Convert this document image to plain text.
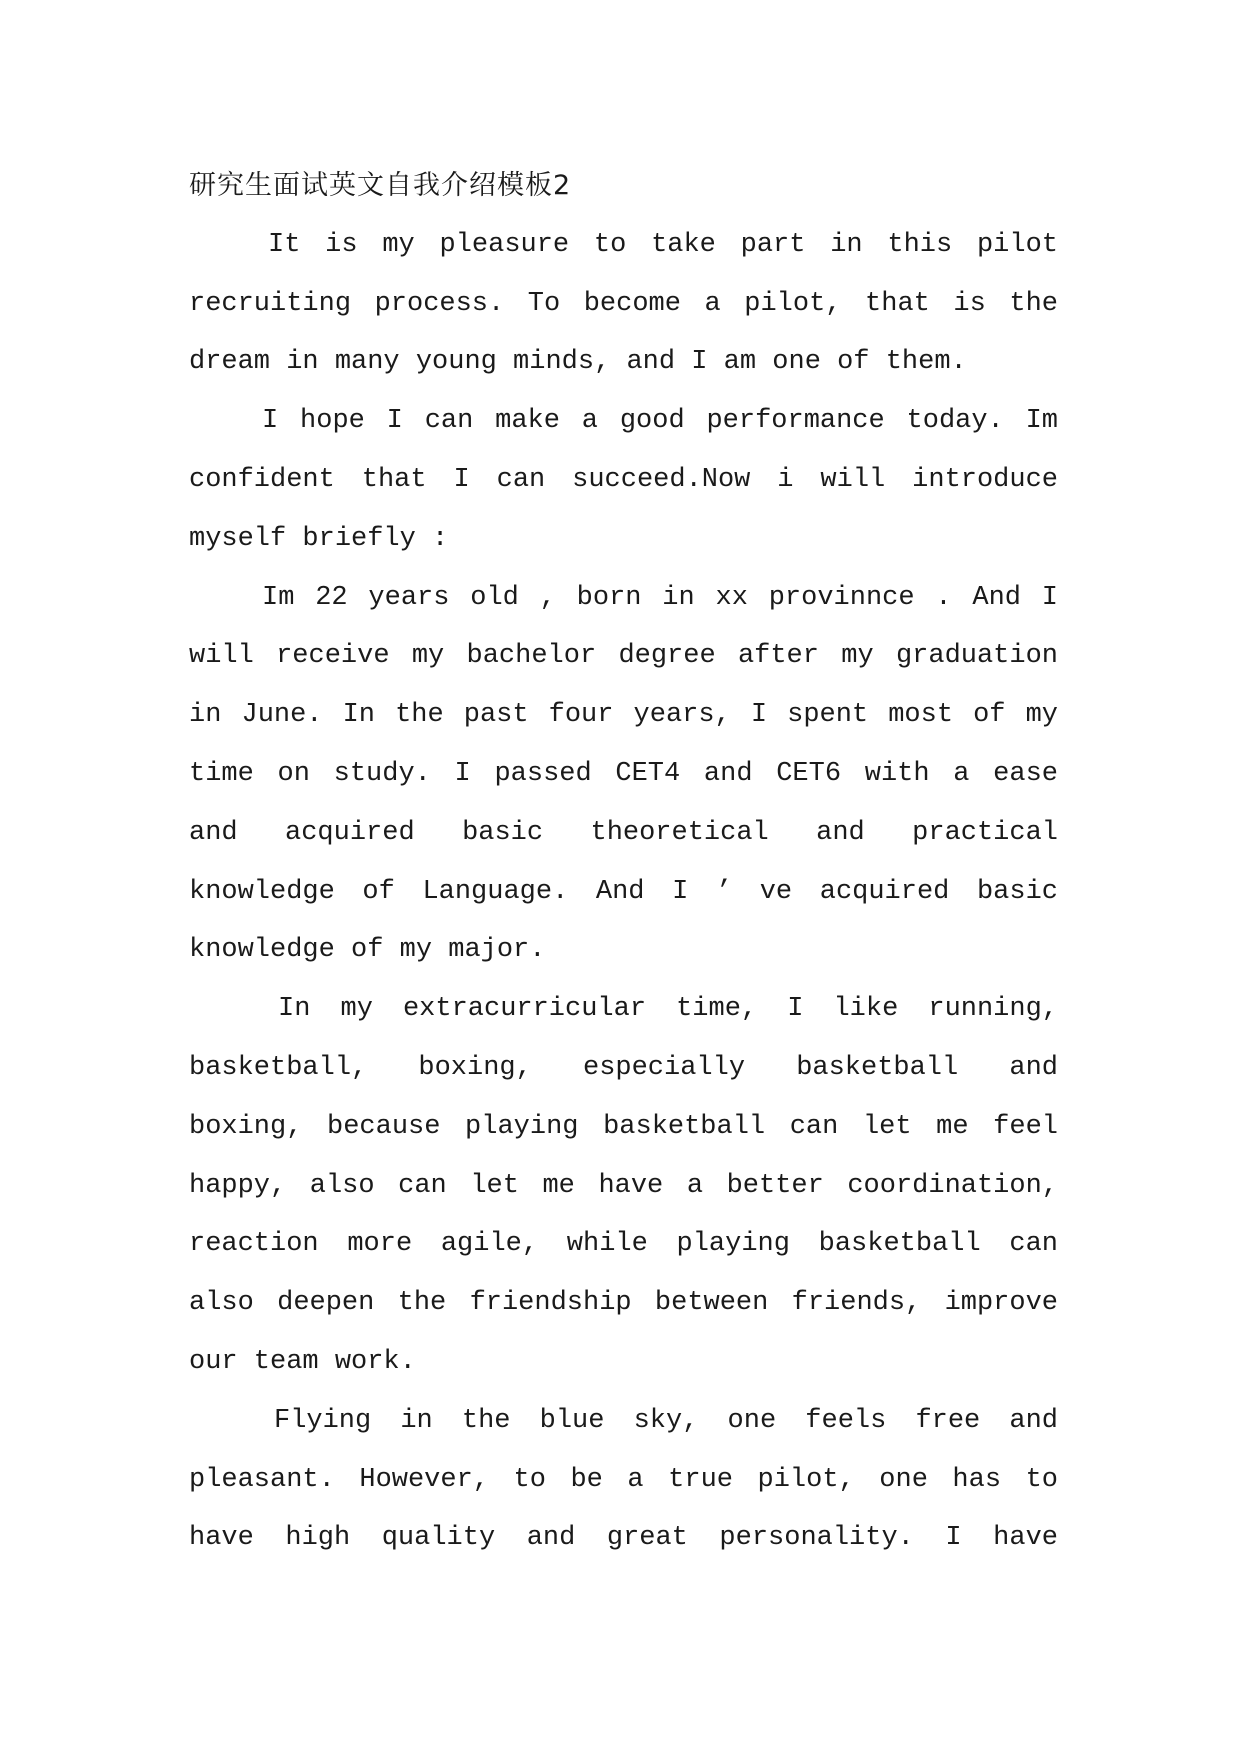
研究生面试英文自我介绍模板2
It is my pleasure to take part in this pilot
recruiting process. To become a pilot, that is the
dream in many young minds, and I am one of them.
I hope I can make a good performance today. Im
confident that I can succeed.Now i will introduce
myself briefly :
Im 22 years old , born in xx provinnce . And I
will receive my bachelor degree after my graduation
in June. In the past four years, I spent most of my
time on study. I passed CET4 and CET6 with a ease
and acquired basic theoretical and practical
knowledge of Language. And I ’ ve acquired basic
knowledge of my major.
In my extracurricular time, I like running,
basketball, boxing, especially basketball and
boxing, because playing basketball can let me feel
happy, also can let me have a better coordination,
reaction more agile, while playing basketball can
also deepen the friendship between friends, improve
our team work.
Flying in the blue sky, one feels free and
pleasant. However, to be a true pilot, one has to
have high quality and great personality. I have
